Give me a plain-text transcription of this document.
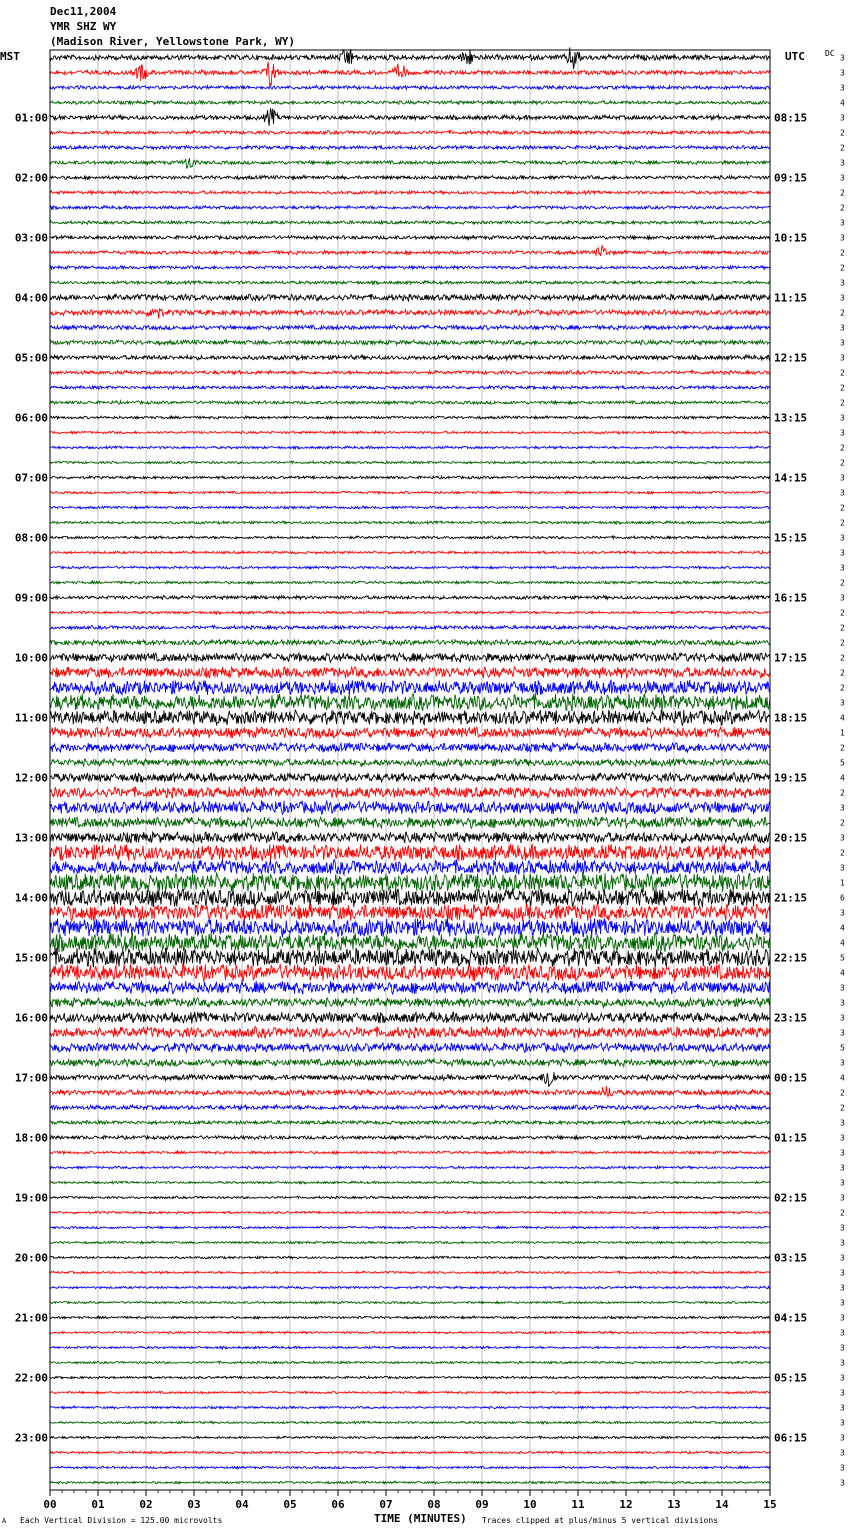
Dec11,2004
YMR SHZ WY
(Madison River, Yellowstone Park, WY)
MST	UTC	DC
00	01	02	03	04	05	06	07	08	09	10	11	12	13	14	15
3
3
3
4
3
2
2
3
3
2
2
3
3
2
2
3
3
2
3
3
3
2
2
2
3
3
2
2
3
3
2
2
3
3
3
2
3
2
2
2
2
2
2
3
4
1
2
5
4
2
3
2
3
2
3
1
6
3
4
4
5
4
3
3
3
3
5
3
4
2
2
3
3
3
3
3
3
2
3
3
3
3
3
3
3
3
3
3
3
3
3
3
3
3
3
3
01:00
02:00
03:00
04:00
05:00
06:00
07:00
08:00
09:00
10:00
11:00
12:00
13:00
14:00
15:00
16:00
17:00
18:00
19:00
20:00
21:00
22:00
23:00
08:15
09:15
10:15
11:15
12:15
13:15
14:15
15:15
16:15
17:15
18:15
19:15
20:15
21:15
22:15
23:15
00:15
01:15
02:15
03:15
04:15
05:15
06:15
TIME (MINUTES)
A Each Vertical Division = 125.00 microvolts	Traces clipped at plus/minus 5 vertical divisions
